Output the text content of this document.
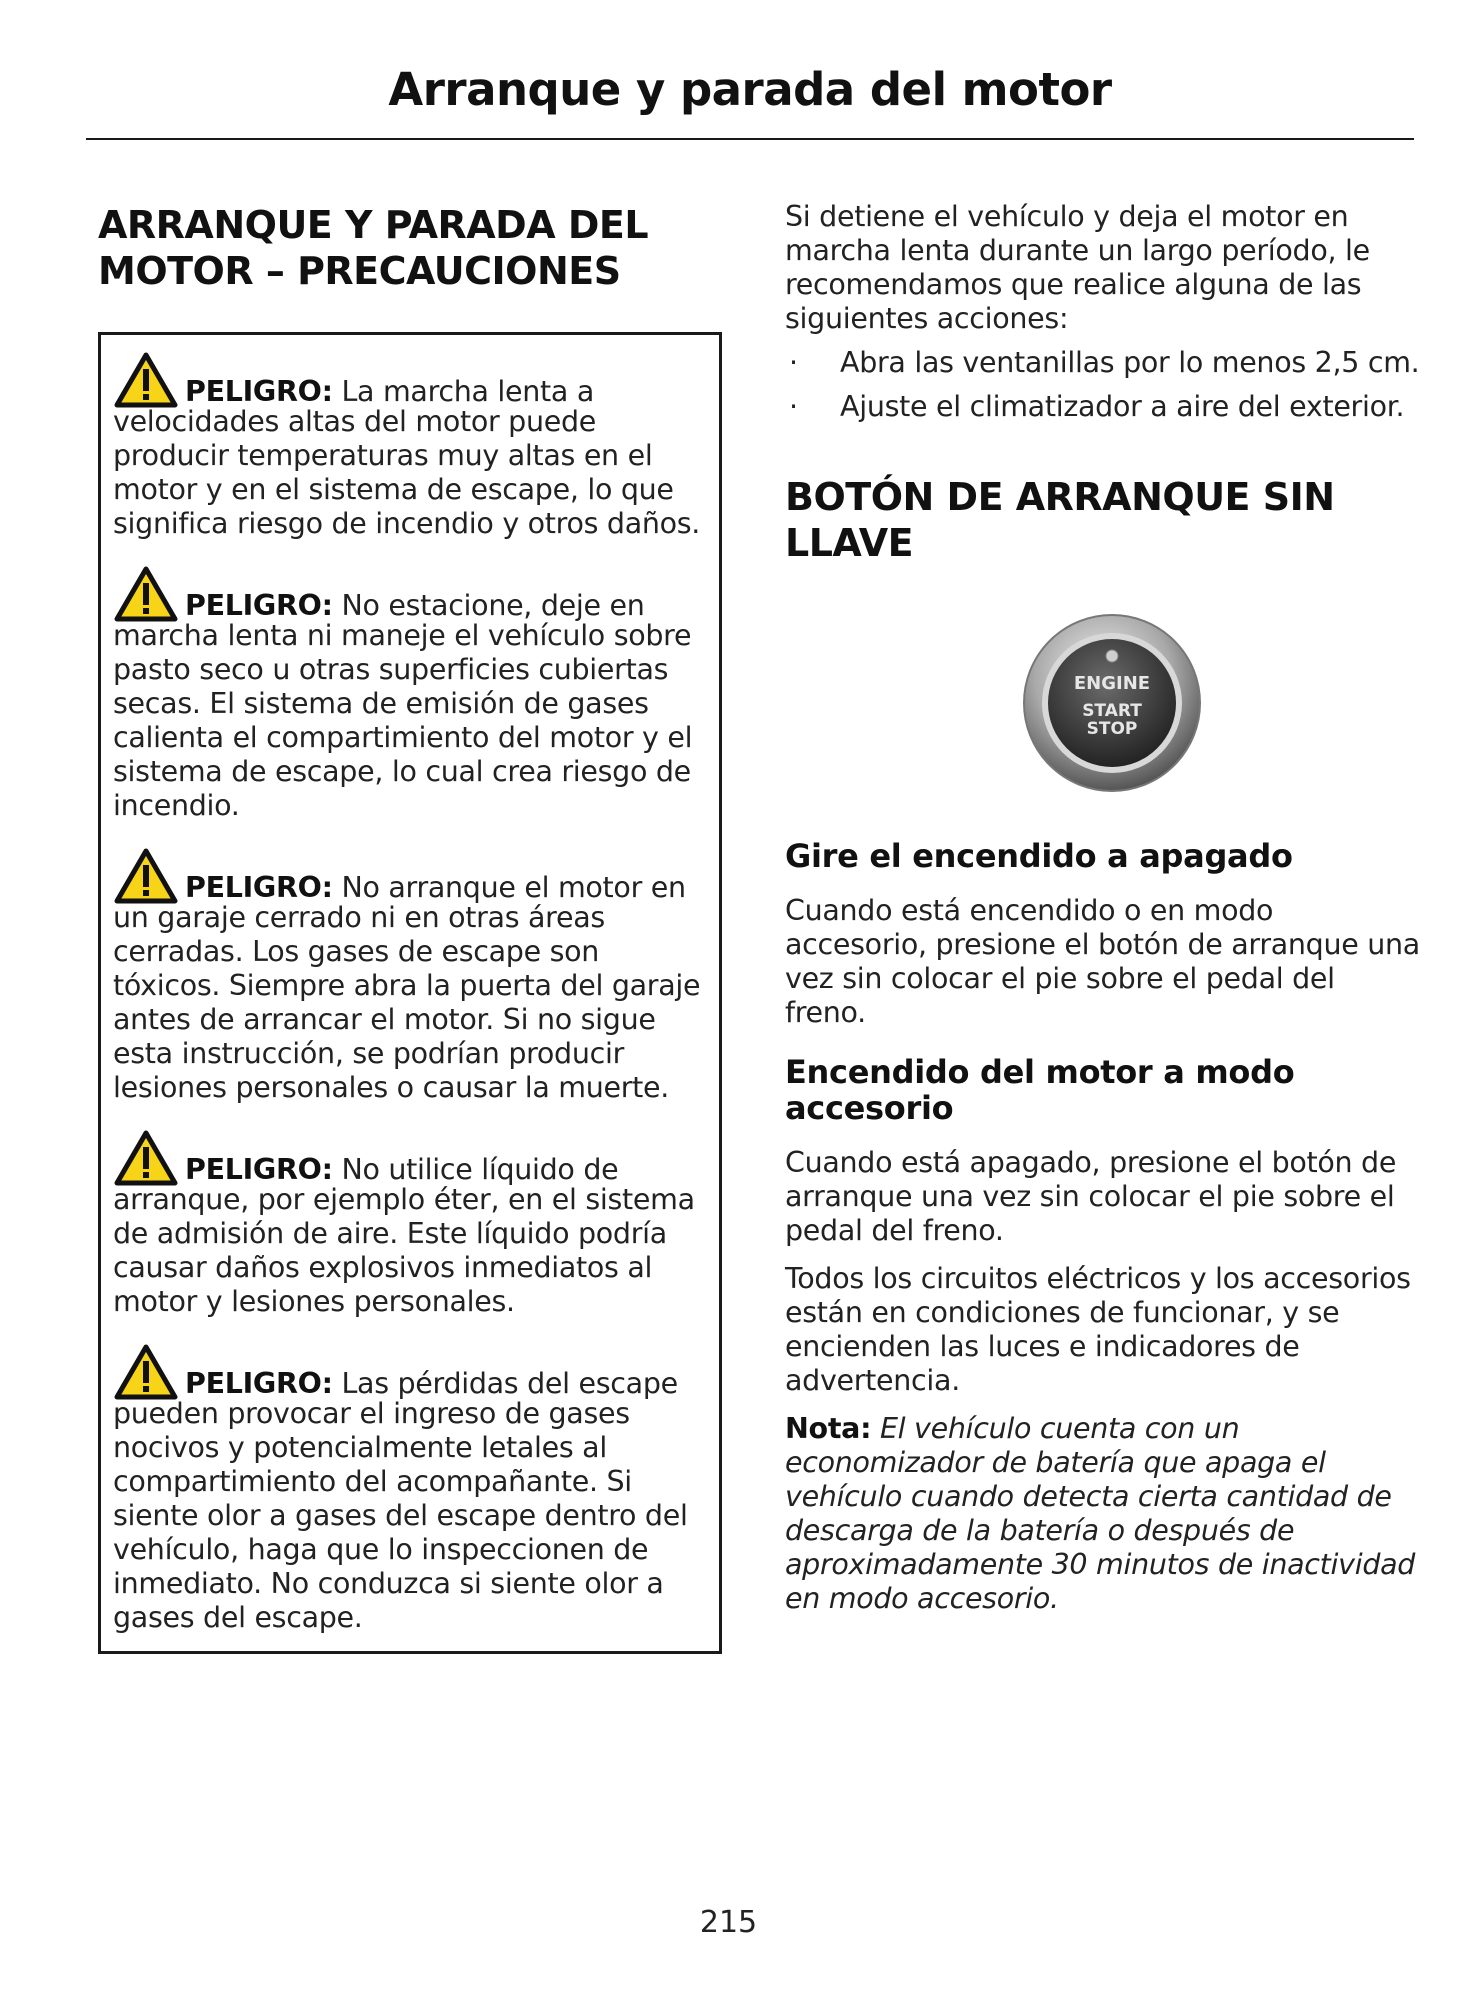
Arranque y parada del motor
ARRANQUE Y PARADA DEL MOTOR – PRECAUCIONES
PELIGRO: La marcha lenta a
velocidades altas del motor puede producir temperaturas muy altas en el motor y en el sistema de escape, lo que significa riesgo de incendio y otros daños.
PELIGRO: No estacione, deje en
marcha lenta ni maneje el vehículo sobre pasto seco u otras superficies cubiertas secas. El sistema de emisión de gases calienta el compartimiento del motor y el sistema de escape, lo cual crea riesgo de incendio.
PELIGRO: No arranque el motor en
un garaje cerrado ni en otras áreas cerradas. Los gases de escape son tóxicos. Siempre abra la puerta del garaje antes de arrancar el motor. Si no sigue esta instrucción, se podrían producir lesiones personales o causar la muerte.
PELIGRO: No utilice líquido de
arranque, por ejemplo éter, en el sistema de admisión de aire. Este líquido podría causar daños explosivos inmediatos al motor y lesiones personales.
PELIGRO: Las pérdidas del escape
pueden provocar el ingreso de gases nocivos y potencialmente letales al compartimiento del acompañante. Si siente olor a gases del escape dentro del vehículo, haga que lo inspeccionen de inmediato. No conduzca si siente olor a gases del escape.

Si detiene el vehículo y deja el motor en marcha lenta durante un largo período, le recomendamos que realice alguna de las siguientes acciones:

· Abra las ventanillas por lo menos 2,5 cm.
· Ajuste el climatizador a aire del exterior.
BOTÓN DE ARRANQUE SIN LLAVE
ENGINE
START
STOP
Gire el encendido a apagado

Cuando está encendido o en modo accesorio, presione el botón de arranque una vez sin colocar el pie sobre el pedal del freno.

Encendido del motor a modo accesorio

Cuando está apagado, presione el botón de arranque una vez sin colocar el pie sobre el pedal del freno.

Todos los circuitos eléctricos y los accesorios están en condiciones de funcionar, y se encienden las luces e indicadores de advertencia.

Nota: El vehículo cuenta con un economizador de batería que apaga el vehículo cuando detecta cierta cantidad de descarga de la batería o después de aproximadamente 30 minutos de inactividad en modo accesorio.

215
